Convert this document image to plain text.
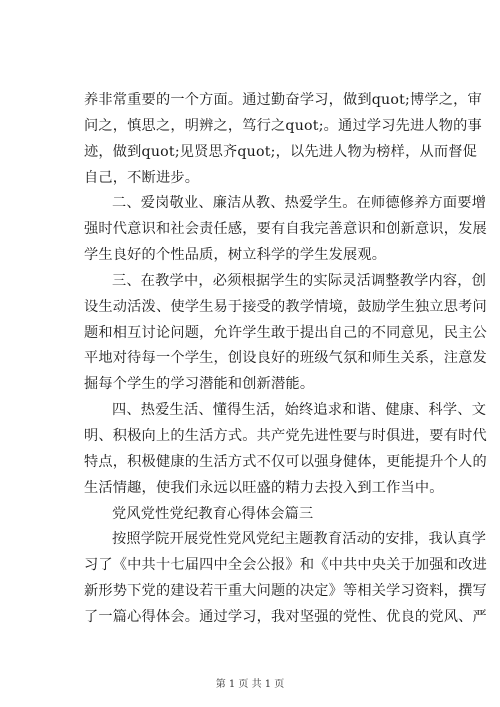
养非常重要的一个方面。通过勤奋学习，做到quot;博学之，审
问之，慎思之，明辨之，笃行之quot;。通过学习先进人物的事
迹，做到quot;见贤思齐quot;，以先进人物为榜样，从而督促
自己，不断进步。
二、爱岗敬业、廉洁从教、热爱学生。在师德修养方面要增
强时代意识和社会责任感，要有自我完善意识和创新意识，发展
学生良好的个性品质，树立科学的学生发展观。
三、在教学中，必须根据学生的实际灵活调整教学内容，创
设生动活泼、使学生易于接受的教学情境，鼓励学生独立思考问
题和相互讨论问题，允许学生敢于提出自己的不同意见，民主公
平地对待每一个学生，创设良好的班级气氛和师生关系，注意发
掘每个学生的学习潜能和创新潜能。
四、热爱生活、懂得生活，始终追求和谐、健康、科学、文
明、积极向上的生活方式。共产党先进性要与时俱进，要有时代
特点，积极健康的生活方式不仅可以强身健体，更能提升个人的
生活情趣，使我们永远以旺盛的精力去投入到工作当中。
党风党性党纪教育心得体会篇三
按照学院开展党性党风党纪主题教育活动的安排，我认真学
习了《中共十七届四中全会公报》和《中共中央关于加强和改进
新形势下党的建设若干重大问题的决定》等相关学习资料，撰写
了一篇心得体会。通过学习，我对坚强的党性、优良的党风、严
第 1 页 共 1 页
